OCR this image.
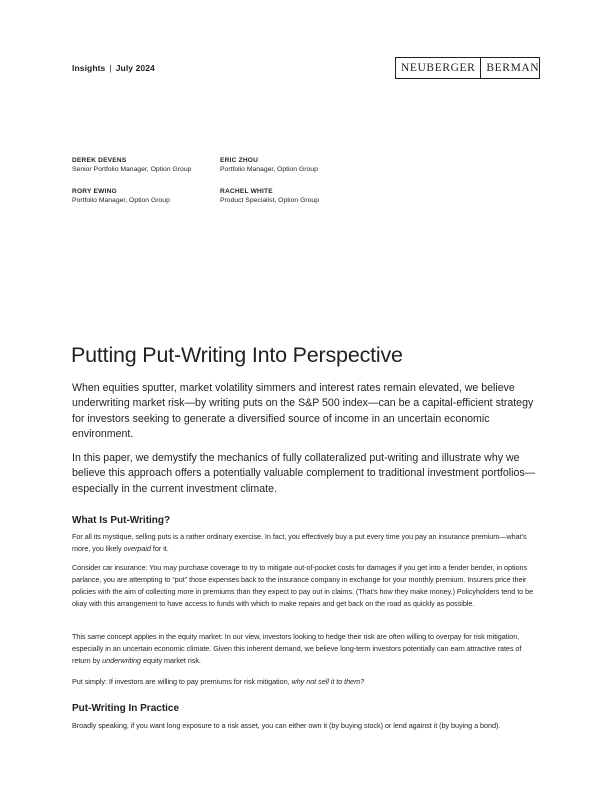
Insights | July 2024	NEUBERGER BERMAN
DEREK DEVENS
Senior Portfolio Manager, Option Group
ERIC ZHOU
Portfolio Manager, Option Group
RORY EWING
Portfolio Manager, Option Group
RACHEL WHITE
Product Specialist, Option Group
Putting Put-Writing Into Perspective
When equities sputter, market volatility simmers and interest rates remain elevated, we believe underwriting market risk—by writing puts on the S&P 500 index—can be a capital-efficient strategy for investors seeking to generate a diversified source of income in an uncertain economic environment.
In this paper, we demystify the mechanics of fully collateralized put-writing and illustrate why we believe this approach offers a potentially valuable complement to traditional investment portfolios—especially in the current investment climate.
What Is Put-Writing?
For all its mystique, selling puts is a rather ordinary exercise. In fact, you effectively buy a put every time you pay an insurance premium—what’s more, you likely overpaid for it.
Consider car insurance: You may purchase coverage to try to mitigate out-of-pocket costs for damages if you get into a fender bender, in options parlance, you are attempting to “put” those expenses back to the insurance company in exchange for your monthly premium. Insurers price their policies with the aim of collecting more in premiums than they expect to pay out in claims. (That’s how they make money.) Policyholders tend to be okay with this arrangement to have access to funds with which to make repairs and get back on the road as quickly as possible.
This same concept applies in the equity market: In our view, investors looking to hedge their risk are often willing to overpay for risk mitigation, especially in an uncertain economic climate. Given this inherent demand, we believe long-term investors potentially can earn attractive rates of return by underwriting equity market risk.
Put simply: If investors are willing to pay premiums for risk mitigation, why not sell it to them?
Put-Writing In Practice
Broadly speaking, if you want long exposure to a risk asset, you can either own it (by buying stock) or lend against it (by buying a bond).
